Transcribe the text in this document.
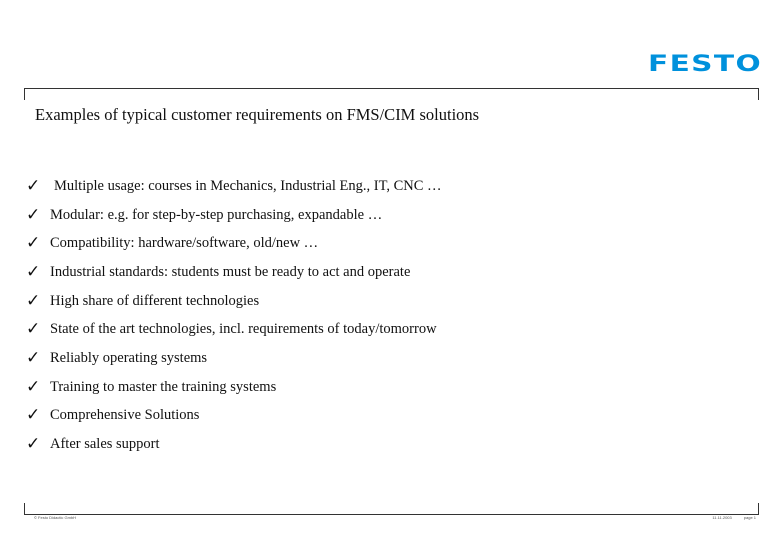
FESTO
Examples of typical customer requirements on FMS/CIM solutions
✓ Multiple usage: courses in Mechanics, Industrial Eng., IT, CNC …
✓ Modular: e.g. for step-by-step purchasing, expandable …
✓ Compatibility: hardware/software, old/new …
✓ Industrial standards: students must be ready to act and operate
✓ High share of different technologies
✓ State of the art technologies, incl. requirements of today/tomorrow
✓ Reliably operating systems
✓ Training to master the training systems
✓ Comprehensive Solutions
✓ After sales support
© Festo Didactic GmbH	11.11.2003	page 1
